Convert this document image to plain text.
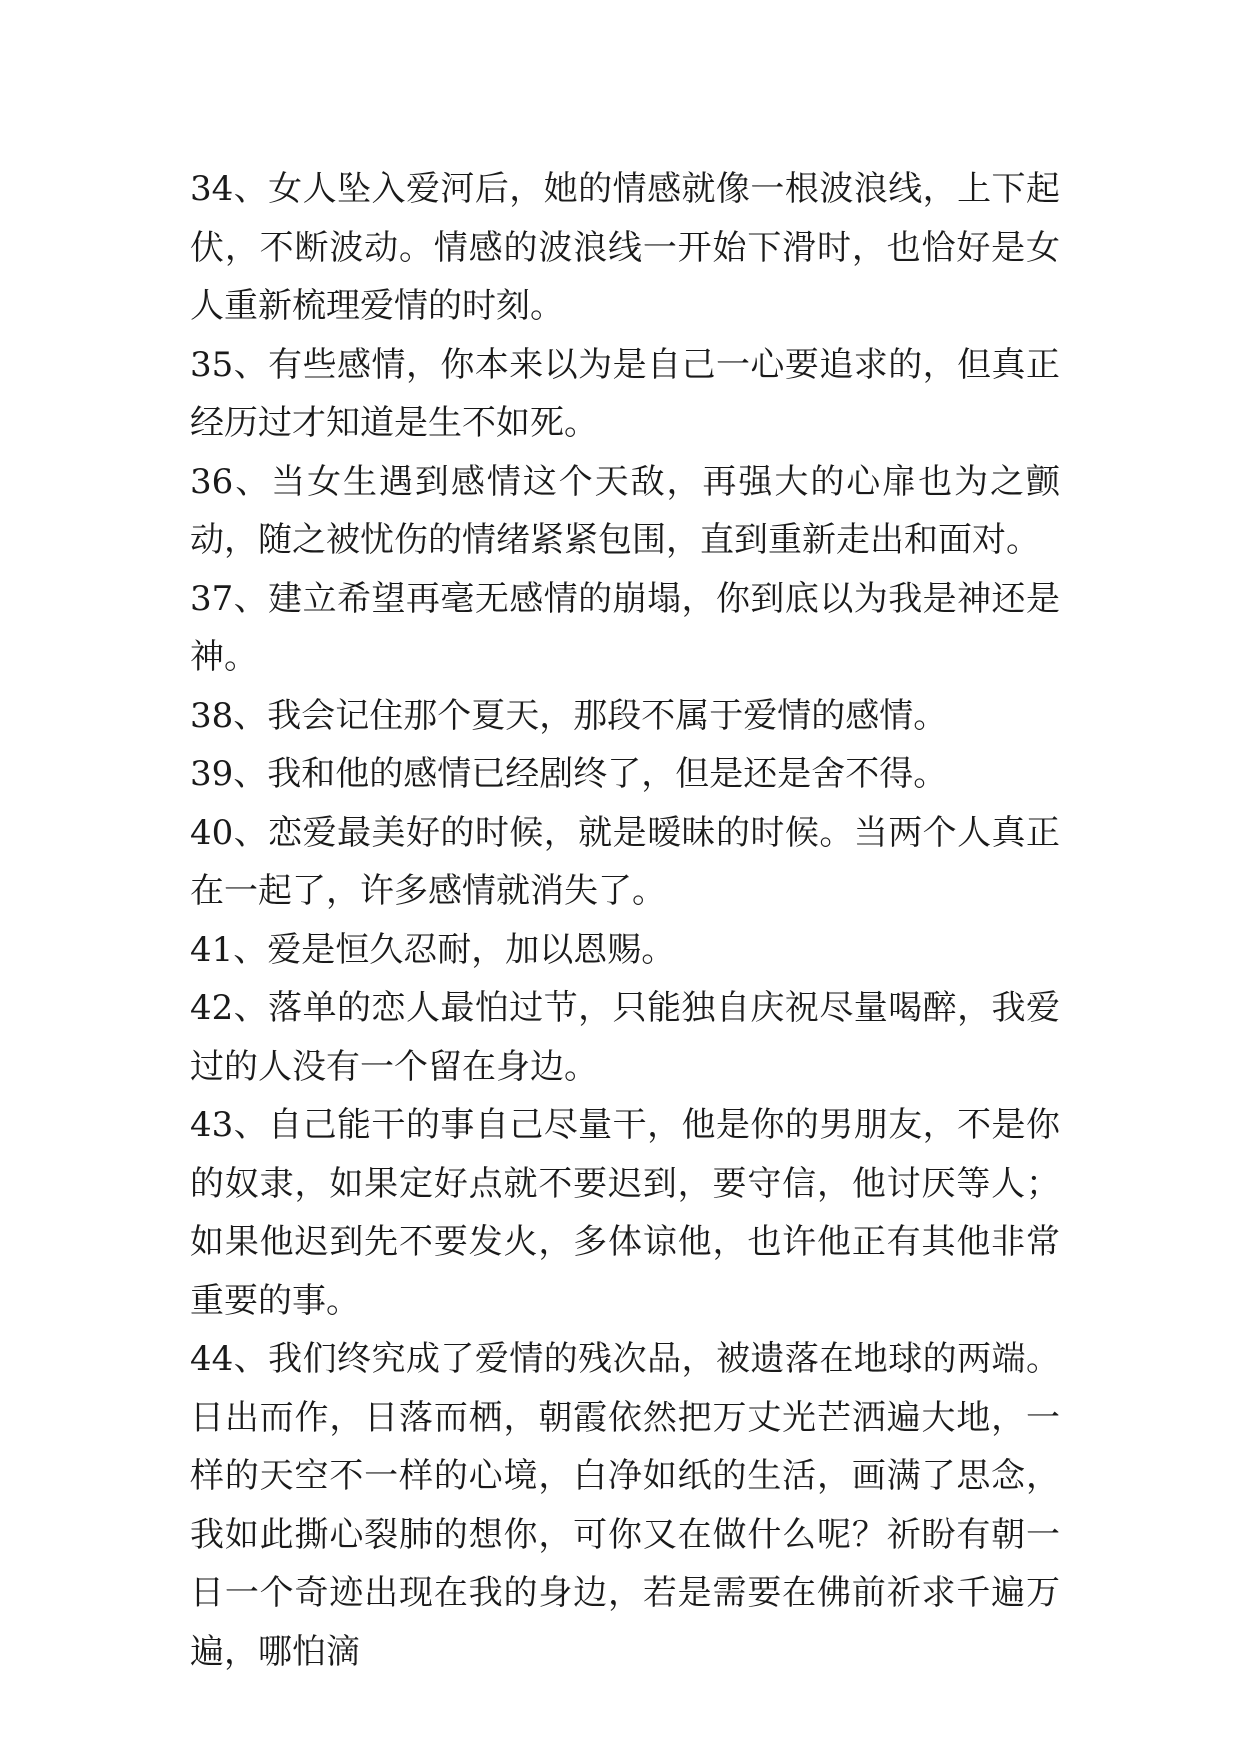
34、女人坠入爱河后，她的情感就像一根波浪线，上下起伏，不断波动。情感的波浪线一开始下滑时，也恰好是女人重新梳理爱情的时刻。

35、有些感情，你本来以为是自己一心要追求的，但真正经历过才知道是生不如死。

36、当女生遇到感情这个天敌，再强大的心扉也为之颤动，随之被忧伤的情绪紧紧包围，直到重新走出和面对。

37、建立希望再毫无感情的崩塌，你到底以为我是神还是神。

38、我会记住那个夏天，那段不属于爱情的感情。

39、我和他的感情已经剧终了，但是还是舍不得。

40、恋爱最美好的时候，就是暧昧的时候。当两个人真正在一起了，许多感情就消失了。

41、爱是恒久忍耐，加以恩赐。

42、落单的恋人最怕过节，只能独自庆祝尽量喝醉，我爱过的人没有一个留在身边。

43、自己能干的事自己尽量干，他是你的男朋友，不是你的奴隶，如果定好点就不要迟到，要守信，他讨厌等人；如果他迟到先不要发火，多体谅他，也许他正有其他非常重要的事。

44、我们终究成了爱情的残次品，被遗落在地球的两端。日出而作，日落而栖，朝霞依然把万丈光芒洒遍大地，一样的天空不一样的心境，白净如纸的生活，画满了思念，我如此撕心裂肺的想你，可你又在做什么呢？祈盼有朝一日一个奇迹出现在我的身边，若是需要在佛前祈求千遍万遍，哪怕滴
